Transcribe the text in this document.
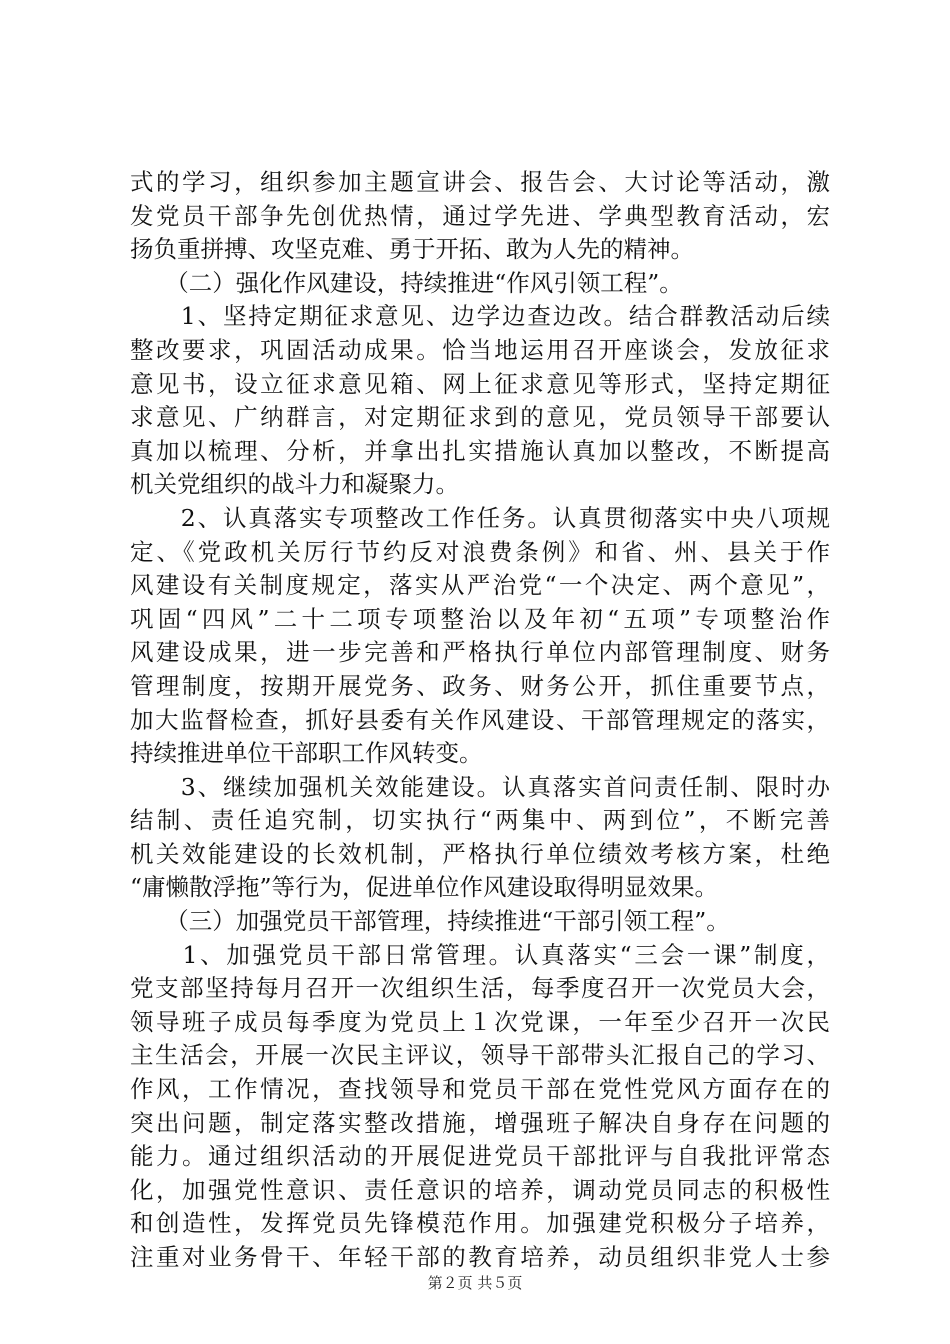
式的学习，组织参加主题宣讲会、报告会、大讨论等活动，激
发党员干部争先创优热情，通过学先进、学典型教育活动，宏
扬负重拼搏、攻坚克难、勇于开拓、敢为人先的精神。
　　（二）强化作风建设，持续推进“作风引领工程”。
　　1、坚持定期征求意见、边学边查边改。结合群教活动后续
整改要求，巩固活动成果。恰当地运用召开座谈会，发放征求
意见书，设立征求意见箱、网上征求意见等形式，坚持定期征
求意见、广纳群言，对定期征求到的意见，党员领导干部要认
真加以梳理、分析，并拿出扎实措施认真加以整改，不断提高
机关党组织的战斗力和凝聚力。
　　2、认真落实专项整改工作任务。认真贯彻落实中央八项规
定、《党政机关厉行节约反对浪费条例》和省、州、县关于作
风建设有关制度规定，落实从严治党“一个决定、两个意见”，
巩固“四风”二十二项专项整治以及年初“五项”专项整治作
风建设成果，进一步完善和严格执行单位内部管理制度、财务
管理制度，按期开展党务、政务、财务公开，抓住重要节点，
加大监督检查，抓好县委有关作风建设、干部管理规定的落实，
持续推进单位干部职工作风转变。
　　3、继续加强机关效能建设。认真落实首问责任制、限时办
结制、责任追究制，切实执行“两集中、两到位”，不断完善
机关效能建设的长效机制，严格执行单位绩效考核方案，杜绝
“庸懒散浮拖”等行为，促进单位作风建设取得明显效果。
　　（三）加强党员干部管理，持续推进“干部引领工程”。
　　1、加强党员干部日常管理。认真落实“三会一课”制度，
党支部坚持每月召开一次组织生活，每季度召开一次党员大会，
领导班子成员每季度为党员上１次党课，一年至少召开一次民
主生活会，开展一次民主评议，领导干部带头汇报自己的学习、
作风，工作情况，查找领导和党员干部在党性党风方面存在的
突出问题，制定落实整改措施，增强班子解决自身存在问题的
能力。通过组织活动的开展促进党员干部批评与自我批评常态
化，加强党性意识、责任意识的培养，调动党员同志的积极性
和创造性，发挥党员先锋模范作用。加强建党积极分子培养，
注重对业务骨干、年轻干部的教育培养，动员组织非党人士参
第２页 共５页
